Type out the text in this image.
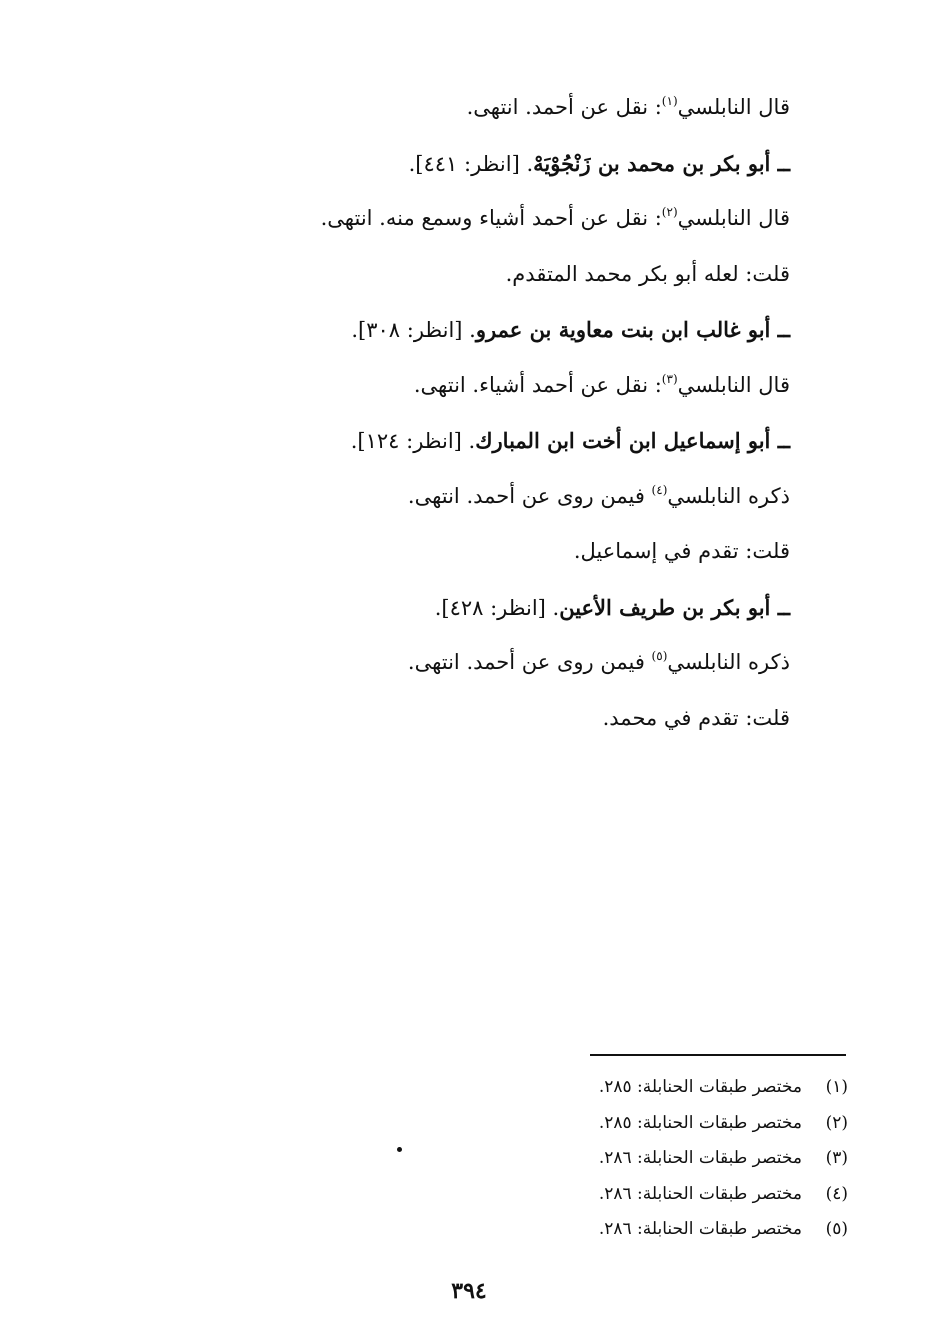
قال النابلسي$^{(١)}$: نقل عن أحمد. انتهى.
ــ أبو بكر بن محمد بن زَنْجُوْيَهْ. [انظر: ٤٤١].
قال النابلسي$^{(٢)}$: نقل عن أحمد أشياء وسمع منه. انتهى.
قلت: لعله أبو بكر محمد المتقدم.
ــ أبو غالب ابن بنت معاوية بن عمرو. [انظر: ٣٠٨].
قال النابلسي$^{(٣)}$: نقل عن أحمد أشياء. انتهى.
ــ أبو إسماعيل ابن أخت ابن المبارك. [انظر: ١٢٤].
ذكره النابلسي$^{(٤)}$ فيمن روى عن أحمد. انتهى.
قلت: تقدم في إسماعيل.
ــ أبو بكر بن طريف الأعين. [انظر: ٤٢٨].
ذكره النابلسي$^{(٥)}$ فيمن روى عن أحمد. انتهى.
قلت: تقدم في محمد.
(١)مختصر طبقات الحنابلة: ٢٨٥.
(٢)مختصر طبقات الحنابلة: ٢٨٥.
(٣)مختصر طبقات الحنابلة: ٢٨٦.
(٤)مختصر طبقات الحنابلة: ٢٨٦.
(٥)مختصر طبقات الحنابلة: ٢٨٦.
٣٩٤
